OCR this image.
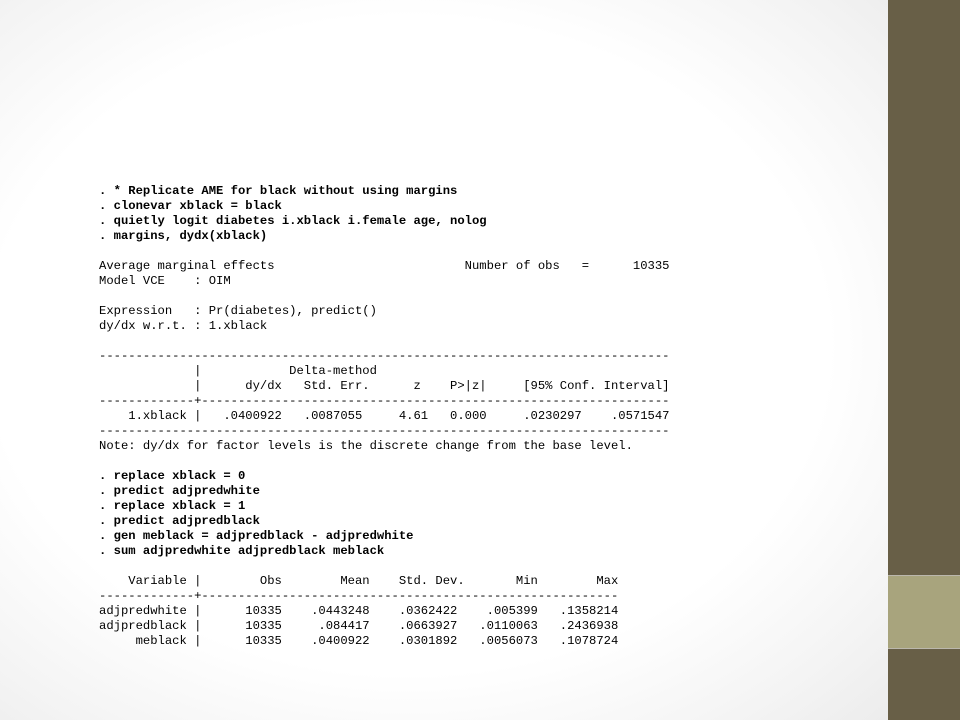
. * Replicate AME for black without using margins
. clonevar xblack = black
. quietly logit diabetes i.xblack i.female age, nolog
. margins, dydx(xblack)
Average marginal effects                          Number of obs   =      10335
Model VCE    : OIM
Expression   : Pr(diabetes), predict()
dy/dx w.r.t. : 1.xblack
------------------------------------------------------------------------------
|            Delta-method
|      dy/dx   Std. Err.      z    P>|z|     [95% Conf. Interval]
-------------+----------------------------------------------------------------
1.xblack |   .0400922   .0087055     4.61   0.000     .0230297    .0571547
------------------------------------------------------------------------------
Note: dy/dx for factor levels is the discrete change from the base level.
. replace xblack = 0
. predict adjpredwhite
. replace xblack = 1
. predict adjpredblack
. gen meblack = adjpredblack - adjpredwhite
. sum adjpredwhite adjpredblack meblack
Variable |        Obs        Mean    Std. Dev.       Min        Max
-------------+---------------------------------------------------------
adjpredwhite |      10335    .0443248    .0362422    .005399   .1358214
adjpredblack |      10335     .084417    .0663927   .0110063   .2436938
meblack |      10335    .0400922    .0301892   .0056073   .1078724
